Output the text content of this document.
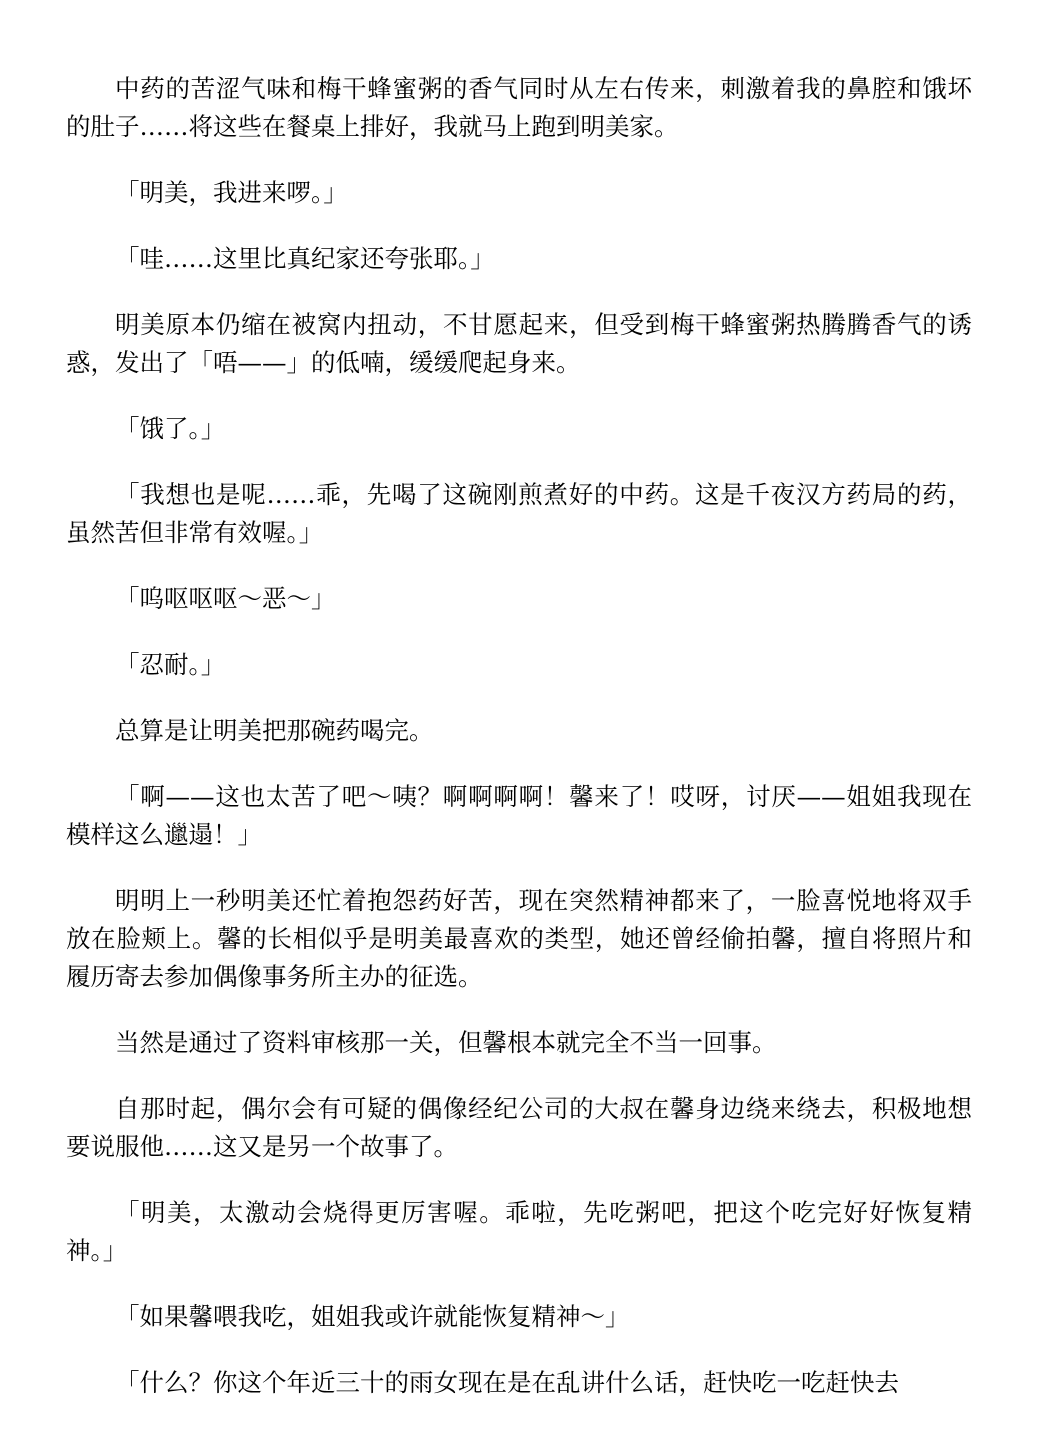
中药的苦涩气味和梅干蜂蜜粥的香气同时从左右传来，刺激着我的鼻腔和饿坏的肚子……将这些在餐桌上排好，我就马上跑到明美家。

「明美，我进来啰。」

「哇……这里比真纪家还夸张耶。」

明美原本仍缩在被窝内扭动，不甘愿起来，但受到梅干蜂蜜粥热腾腾香气的诱惑，发出了「唔——」的低喃，缓缓爬起身来。

「饿了。」

「我想也是呢……乖，先喝了这碗刚煎煮好的中药。这是千夜汉方药局的药，虽然苦但非常有效喔。」

「呜呕呕呕～恶～」

「忍耐。」

总算是让明美把那碗药喝完。

「啊——这也太苦了吧～咦？啊啊啊啊！馨来了！哎呀，讨厌——姐姐我现在模样这么邋遢！」

明明上一秒明美还忙着抱怨药好苦，现在突然精神都来了，一脸喜悦地将双手放在脸颊上。馨的长相似乎是明美最喜欢的类型，她还曾经偷拍馨，擅自将照片和履历寄去参加偶像事务所主办的征选。

当然是通过了资料审核那一关，但馨根本就完全不当一回事。

自那时起，偶尔会有可疑的偶像经纪公司的大叔在馨身边绕来绕去，积极地想要说服他……这又是另一个故事了。

「明美，太激动会烧得更厉害喔。乖啦，先吃粥吧，把这个吃完好好恢复精神。」

「如果馨喂我吃，姐姐我或许就能恢复精神～」

「什么？你这个年近三十的雨女现在是在乱讲什么话，赶快吃一吃赶快去
